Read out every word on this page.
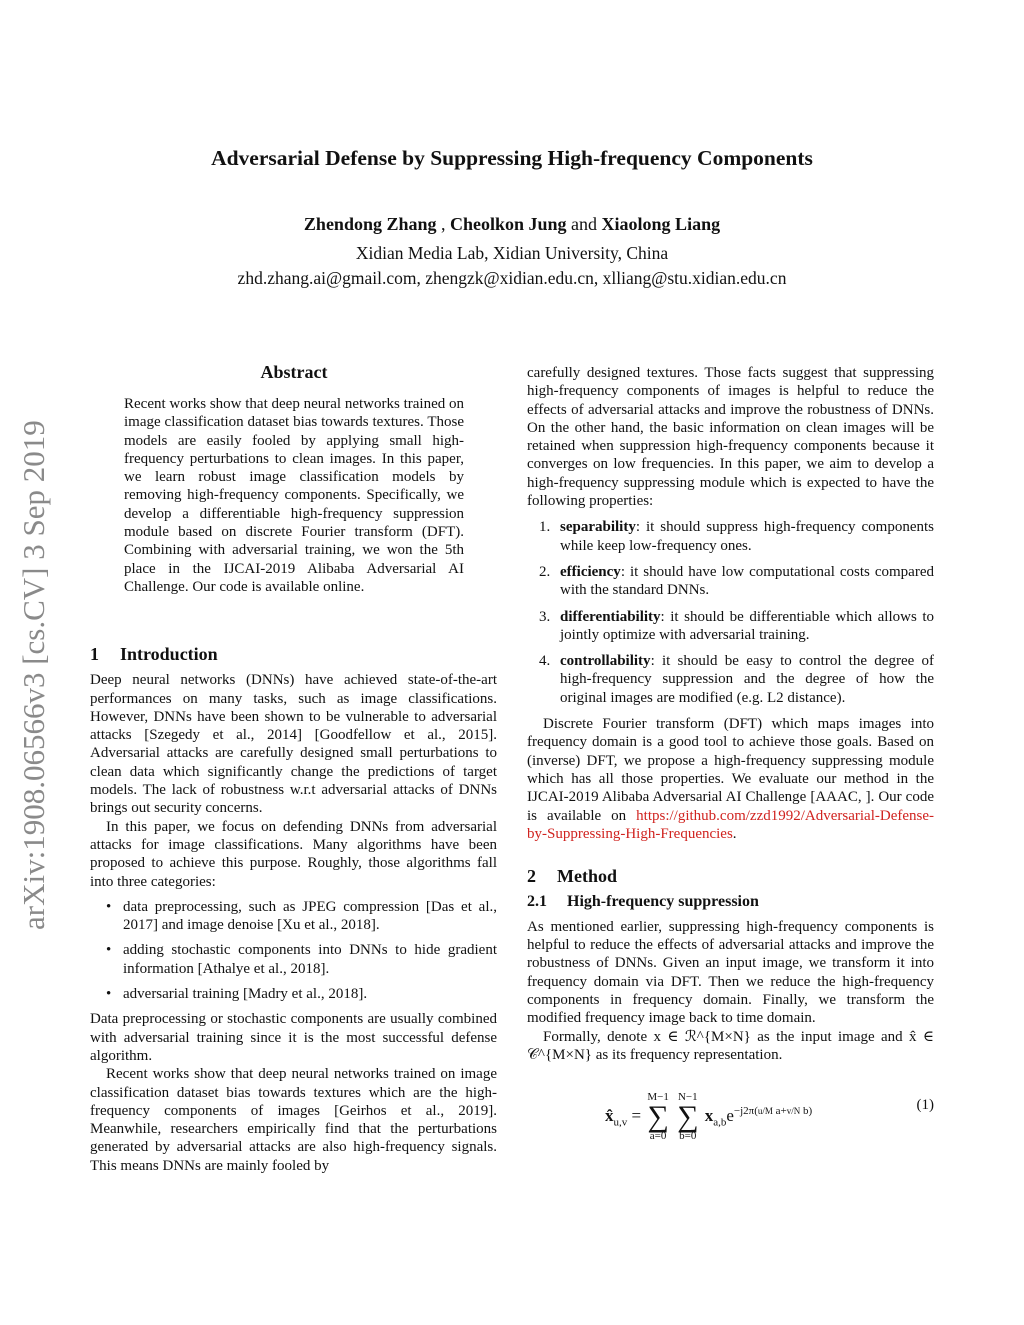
Adversarial Defense by Suppressing High-frequency Components
Zhendong Zhang , Cheolkon Jung and Xiaolong Liang
Xidian Media Lab, Xidian University, China
zhd.zhang.ai@gmail.com, zhengzk@xidian.edu.cn, xlliang@stu.xidian.edu.cn
arXiv:1908.06566v3 [cs.CV] 3 Sep 2019
Abstract

Recent works show that deep neural networks trained on image classification dataset bias towards textures. Those models are easily fooled by applying small high-frequency perturbations to clean images. In this paper, we learn robust image classification models by removing high-frequency components. Specifically, we develop a differentiable high-frequency suppression module based on discrete Fourier transform (DFT). Combining with adversarial training, we won the 5th place in the IJCAI-2019 Alibaba Adversarial AI Challenge. Our code is available online.

1 Introduction

Deep neural networks (DNNs) have achieved state-of-the-art performances on many tasks, such as image classifications. However, DNNs have been shown to be vulnerable to adversarial attacks [Szegedy et al., 2014] [Goodfellow et al., 2015]. Adversarial attacks are carefully designed small perturbations to clean data which significantly change the predictions of target models. The lack of robustness w.r.t adversarial attacks of DNNs brings out security concerns.

In this paper, we focus on defending DNNs from adversarial attacks for image classifications. Many algorithms have been proposed to achieve this purpose. Roughly, those algorithms fall into three categories:

• data preprocessing, such as JPEG compression [Das et al., 2017] and image denoise [Xu et al., 2018].
• adding stochastic components into DNNs to hide gradient information [Athalye et al., 2018].
• adversarial training [Madry et al., 2018].

Data preprocessing or stochastic components are usually combined with adversarial training since it is the most successful defense algorithm.

Recent works show that deep neural networks trained on image classification dataset bias towards textures which are the high-frequency components of images [Geirhos et al., 2019]. Meanwhile, researchers empirically find that the perturbations generated by adversarial attacks are also high-frequency signals. This means DNNs are mainly fooled by

carefully designed textures. Those facts suggest that suppressing high-frequency components of images is helpful to reduce the effects of adversarial attacks and improve the robustness of DNNs. On the other hand, the basic information on clean images will be retained when suppression high-frequency components because it converges on low frequencies. In this paper, we aim to develop a high-frequency suppressing module which is expected to have the following properties:

1. separability: it should suppress high-frequency components while keep low-frequency ones.
2. efficiency: it should have low computational costs compared with the standard DNNs.
3. differentiability: it should be differentiable which allows to jointly optimize with adversarial training.
4. controllability: it should be easy to control the degree of high-frequency suppression and the degree of how the original images are modified (e.g. L2 distance).

Discrete Fourier transform (DFT) which maps images into frequency domain is a good tool to achieve those goals. Based on (inverse) DFT, we propose a high-frequency suppressing module which has all those properties. We evaluate our method in the IJCAI-2019 Alibaba Adversarial AI Challenge [AAAC, ]. Our code is available on https://github.com/zzd1992/Adversarial-Defense-by-Suppressing-High-Frequencies.

2 Method
2.1 High-frequency suppression

As mentioned earlier, suppressing high-frequency components is helpful to reduce the effects of adversarial attacks and improve the robustness of DNNs. Given an input image, we transform it into frequency domain via DFT. Then we reduce the high-frequency components in frequency domain. Finally, we transform the modified frequency image back to time domain.

Formally, denote x ∈ ℛ^{M×N} as the input image and x̂ ∈ 𝒞^{M×N} as its frequency representation.

$x̂_{u,v}$ =
M−1
∑
a=0

N−1
∑
b=0
$x_{a,b}e^{-j2\pi(u/M a+v/N b)}$	(1)
